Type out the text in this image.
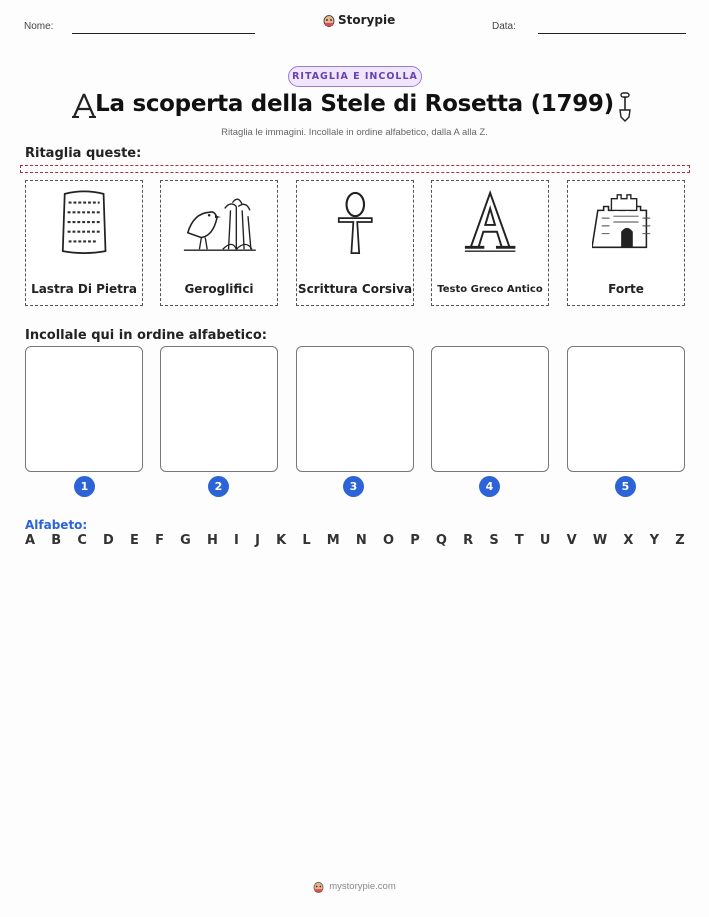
Nome:	Storypie	Data:
RITAGLIA E INCOLLA
La scoperta della Stele di Rosetta (1799)
Ritaglia le immagini. Incollale in ordine alfabetico, dalla A alla Z.
Ritaglia queste:
Lastra Di Pietra	Geroglifici	Scrittura Corsiva	Testo Greco Antico	Forte
Incollale qui in ordine alfabetico:
1	2	3	4	5
Alfabeto:
A B C D E F G H I J K L M N O P Q R S T U V W X Y Z
mystorypie.com
